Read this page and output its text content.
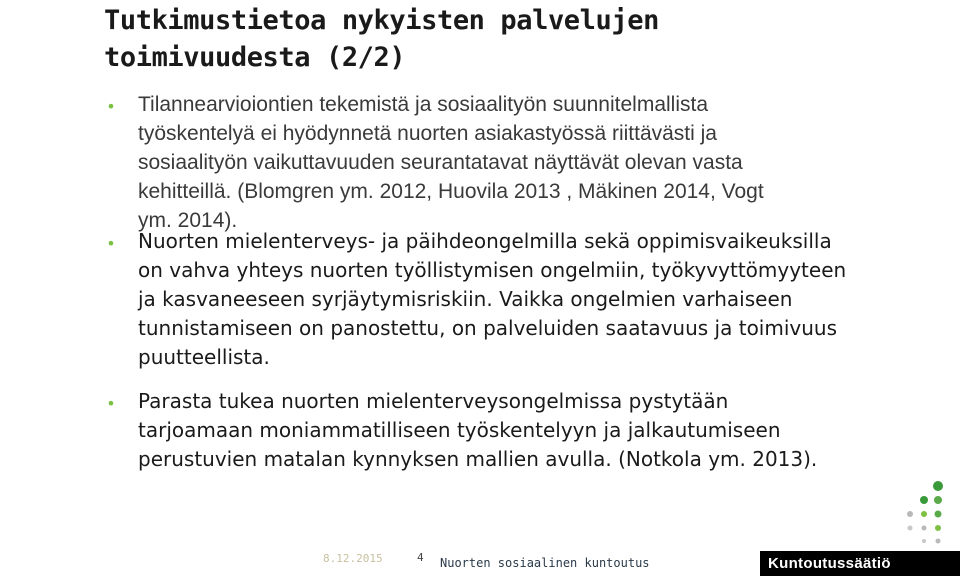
Tutkimustietoa nykyisten palvelujen
toimivuudesta (2/2)
• Tilannearvioiontien tekemistä ja sosiaalityön suunnitelmallista
työskentelyä ei hyödynnetä nuorten asiakastyössä riittävästi ja
sosiaalityön vaikuttavuuden seurantatavat näyttävät olevan vasta
kehitteillä. (Blomgren ym. 2012, Huovila 2013 , Mäkinen 2014, Vogt
ym. 2014).
• Nuorten mielenterveys- ja päihdeongelmilla sekä oppimisvaikeuksilla
on vahva yhteys nuorten työllistymisen ongelmiin, työkyvyttömyyteen
ja kasvaneeseen syrjäytymisriskiin. Vaikka ongelmien varhaiseen
tunnistamiseen on panostettu, on palveluiden saatavuus ja toimivuus
puutteellista.
• Parasta tukea nuorten mielenterveysongelmissa pystytään
tarjoamaan moniammatilliseen työskentelyyn ja jalkautumiseen
perustuvien matalan kynnyksen mallien avulla. (Notkola ym. 2013).
8.12.2015	4 Nuorten sosiaalinen kuntoutus	Kuntoutussäätiö
